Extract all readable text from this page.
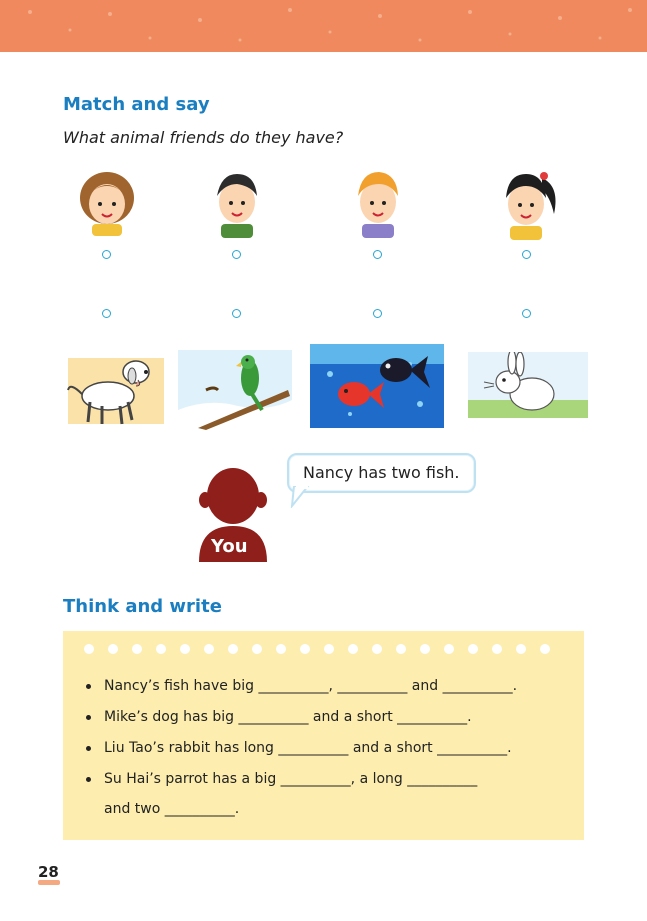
Match and say
What animal friends do they have?
Nancy has two fish.
You
Think and write
Nancy’s fish have big __________, __________ and __________.
Mike’s dog has big __________ and a short __________.
Liu Tao’s rabbit has long __________ and a short __________.
Su Hai’s parrot has a big __________, a long __________
and two __________.
28
